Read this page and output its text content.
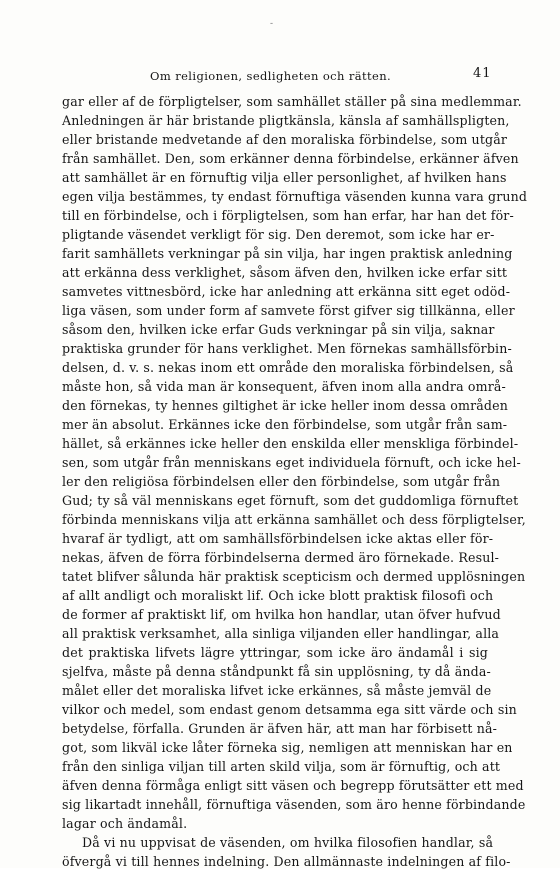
-
Om religionen, sedligheten och rätten.	41
gar eller af de förpligtelser, som samhället ställer på sina medlemmar.
Anledningen är här bristande pligtkänsla, känsla af samhällspligten,
eller bristande medvetande af den moraliska förbindelse, som utgår
från samhället. Den, som erkänner denna förbindelse, erkänner äfven
att samhället är en förnuftig vilja eller personlighet, af hvilken hans
egen vilja bestämmes, ty endast förnuftiga väsenden kunna vara grund
till en förbindelse, och i förpligtelsen, som han erfar, har han det för-
pligtande väsendet verkligt för sig. Den deremot, som icke har er-
farit samhällets verkningar på sin vilja, har ingen praktisk anledning
att erkänna dess verklighet, såsom äfven den, hvilken icke erfar sitt
samvetes vittnesbörd, icke har anledning att erkänna sitt eget odöd-
liga väsen, som under form af samvete först gifver sig tillkänna, eller
såsom den, hvilken icke erfar Guds verkningar på sin vilja, saknar
praktiska grunder för hans verklighet. Men förnekas samhällsförbin-
delsen, d. v. s. nekas inom ett område den moraliska förbindelsen, så
måste hon, så vida man är konsequent, äfven inom alla andra områ-
den förnekas, ty hennes giltighet är icke heller inom dessa områden
mer än absolut. Erkännes icke den förbindelse, som utgår från sam-
hället, så erkännes icke heller den enskilda eller menskliga förbindel-
sen, som utgår från menniskans eget individuela förnuft, och icke hel-
ler den religiösa förbindelsen eller den förbindelse, som utgår från
Gud; ty så väl menniskans eget förnuft, som det guddomliga förnuftet
förbinda menniskans vilja att erkänna samhället och dess förpligtelser,
hvaraf är tydligt, att om samhällsförbindelsen icke aktas eller för-
nekas, äfven de förra förbindelserna dermed äro förnekade. Resul-
tatet blifver sålunda här praktisk scepticism och dermed upplösningen
af allt andligt och moraliskt lif. Och icke blott praktisk filosofi och
de former af praktiskt lif, om hvilka hon handlar, utan öfver hufvud
all praktisk verksamhet, alla sinliga viljanden eller handlingar, alla
det praktiska lifvets lägre yttringar, som icke äro ändamål i sig
sjelfva, måste på denna ståndpunkt få sin upplösning, ty då ända-
målet eller det moraliska lifvet icke erkännes, så måste jemväl de
vilkor och medel, som endast genom detsamma ega sitt värde och sin
betydelse, förfalla. Grunden är äfven här, att man har förbisett nå-
got, som likväl icke låter förneka sig, nemligen att menniskan har en
från den sinliga viljan till arten skild vilja, som är förnuftig, och att
äfven denna förmåga enligt sitt väsen och begrepp förutsätter ett med
sig likartadt innehåll, förnuftiga väsenden, som äro henne förbindande
lagar och ändamål.
Då vi nu uppvisat de väsenden, om hvilka filosofien handlar, så
öfvergå vi till hennes indelning. Den allmännaste indelningen af filo-
